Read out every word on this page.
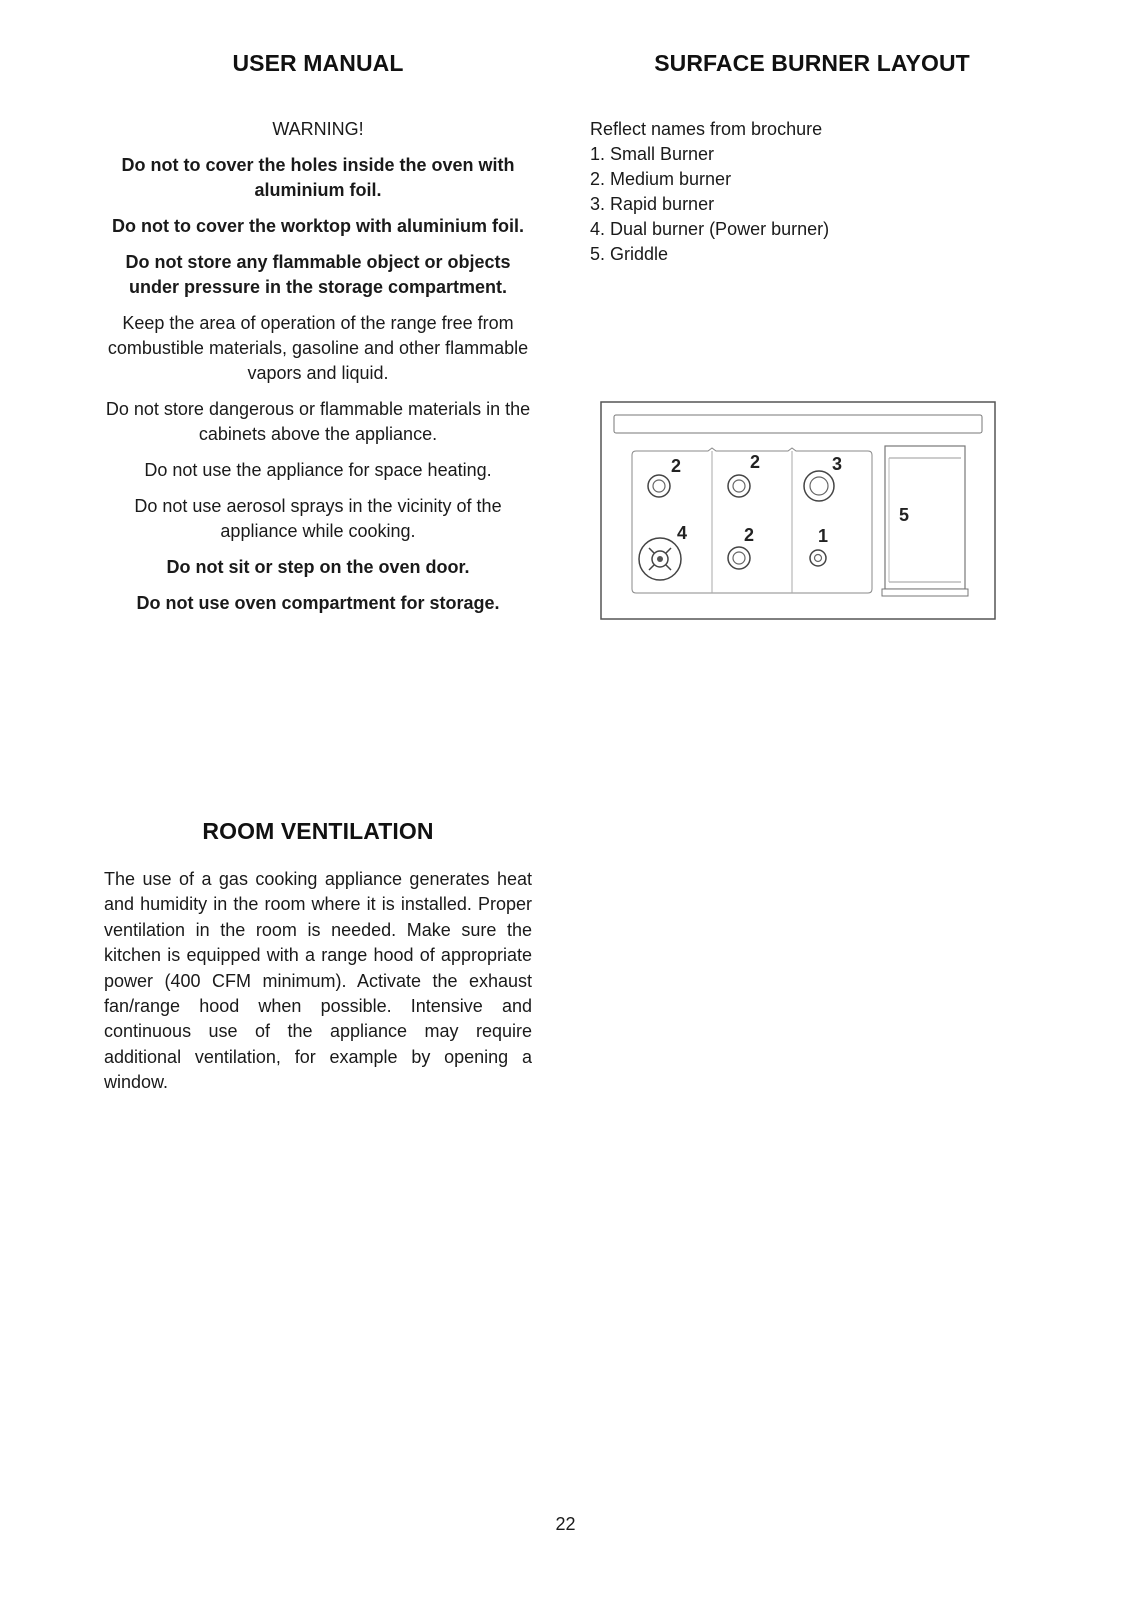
USER MANUAL
WARNING!
Do not to cover the holes inside the oven with aluminium foil.
Do not to cover the worktop with aluminium foil.
Do not store any flammable object or objects under pressure in the storage compartment.
Keep the area of operation of the range free from combustible materials, gasoline and other flammable vapors and liquid.
Do not store dangerous or flammable materials in the cabinets above the appliance.
Do not use the appliance for space heating.
Do not use aerosol sprays in the vicinity of the appliance while cooking.
Do not sit or step on the oven door.
Do not use oven compartment for storage.
SURFACE BURNER LAYOUT
Reflect names from brochure
1. Small Burner
2. Medium burner
3. Rapid burner
4. Dual burner (Power burner)
5. Griddle
2	2	3
4	2	1
5
ROOM VENTILATION

The use of a gas cooking appliance generates heat and humidity in the room where it is installed. Proper ventilation in the room is needed. Make sure the kitchen is equipped with a range hood of appropriate power (400 CFM minimum). Activate the exhaust fan/range hood when possible. Intensive and continuous use of the appliance may require additional ventilation, for example by opening a window.

22
